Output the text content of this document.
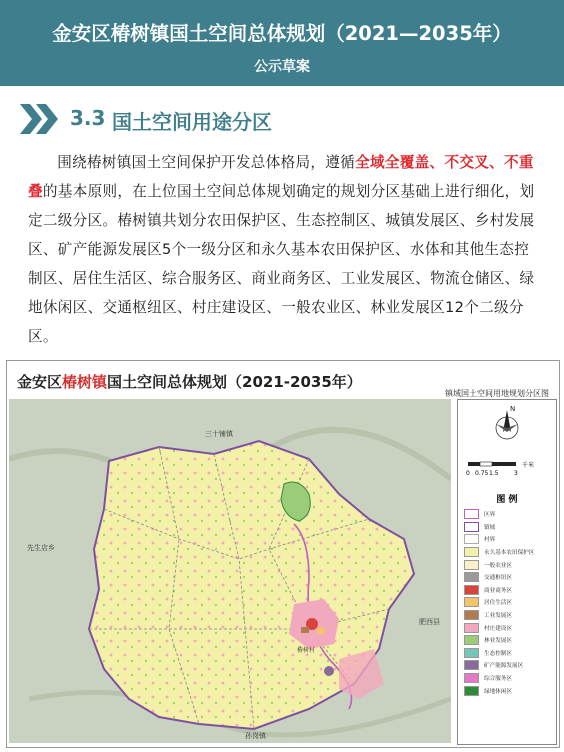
金安区椿树镇国土空间总体规划（2021—2035年）
公示草案
3.3 国土空间用途分区

围绕椿树镇国土空间保护开发总体格局，遵循全域全覆盖、不交叉、不重叠的基本原则，在上位国土空间总体规划确定的规划分区基础上进行细化，划定二级分区。椿树镇共划分农田保护区、生态控制区、城镇发展区、乡村发展区、矿产能源发展区5个一级分区和永久基本农田保护区、水体和其他生态控制区、居住生活区、综合服务区、商业商务区、工业发展区、物流仓储区、绿地休闲区、交通枢纽区、村庄建设区、一般农业区、林业发展区12个二级分区。

金安区椿树镇国土空间总体规划（2021-2035年）
镇域国土空间用地规划分区图
先生店乡
椿树村
孙岗镇
肥西县
三十铺镇
N
0 0.75 1.5	3
千米
图 例
区界
镇域
村界
永久基本农田保护区
一般农业区
交通枢纽区
商业商务区
居住生活区
工业发展区
村庄建设区
林业发展区
生态控制区
矿产能源发展区
综合服务区
绿地休闲区
